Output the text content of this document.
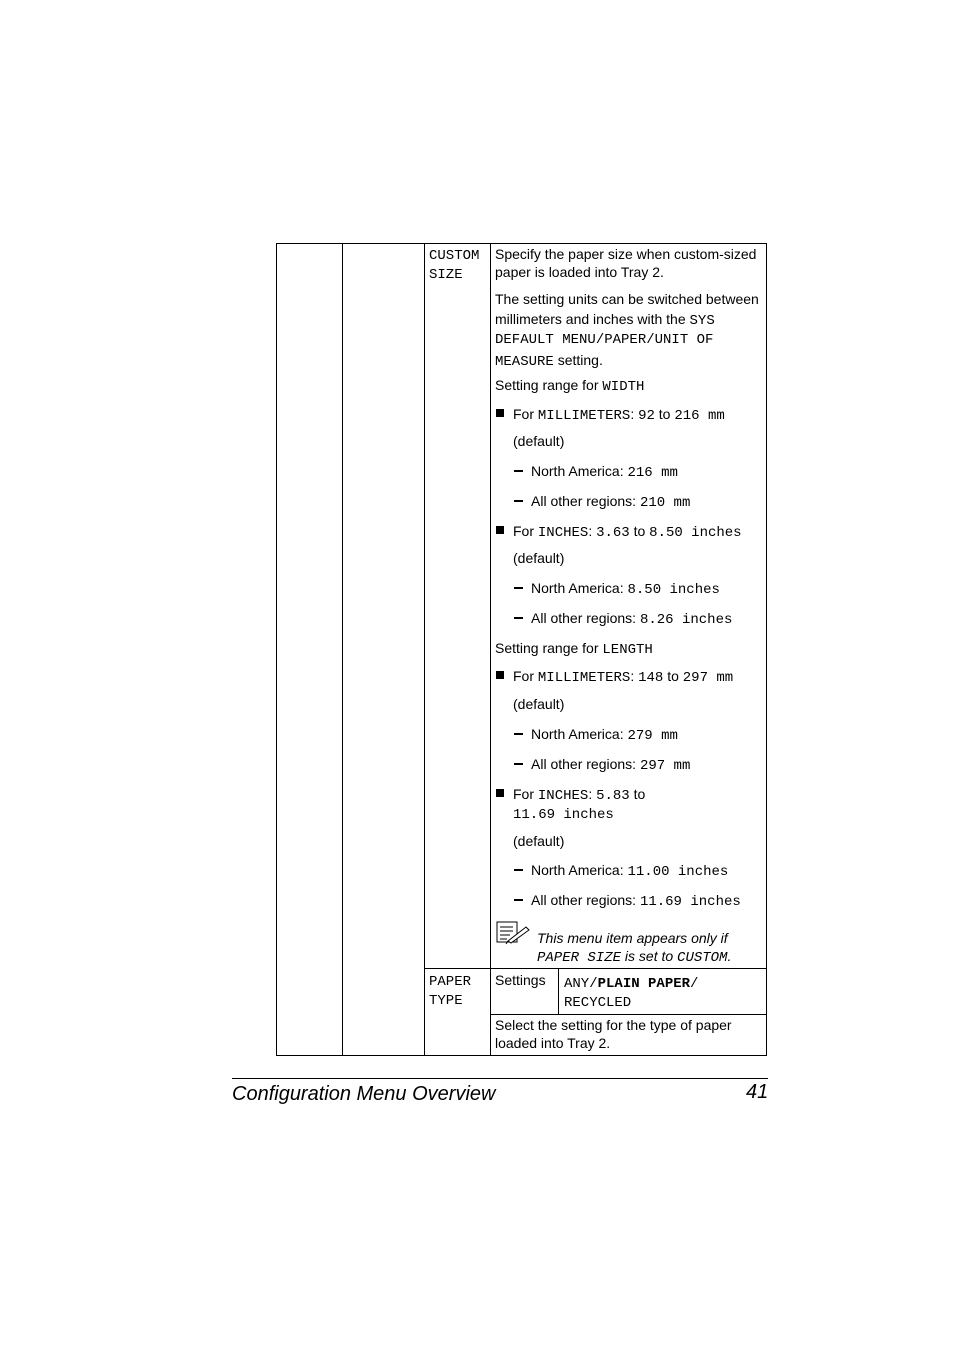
CUSTOM
SIZE
Specify the paper size when custom-sized
paper is loaded into Tray 2.
The setting units can be switched between
millimeters and inches with the SYS
DEFAULT MENU/PAPER/UNIT OF
MEASURE setting.
Setting range for WIDTH
For MILLIMETERS: 92 to 216 mm
(default)
North America: 216 mm
All other regions: 210 mm
For INCHES: 3.63 to 8.50 inches
(default)
North America: 8.50 inches
All other regions: 8.26 inches
Setting range for LENGTH
For MILLIMETERS: 148 to 297 mm
(default)
North America: 279 mm
All other regions: 297 mm
For INCHES: 5.83 to
11.69 inches
(default)
North America: 11.00 inches
All other regions: 11.69 inches
This menu item appears only if
PAPER SIZE is set to CUSTOM.
PAPER
TYPE
Settings ANY/PLAIN PAPER/
RECYCLED
Select the setting for the type of paper
loaded into Tray 2.
Configuration Menu Overview	41
